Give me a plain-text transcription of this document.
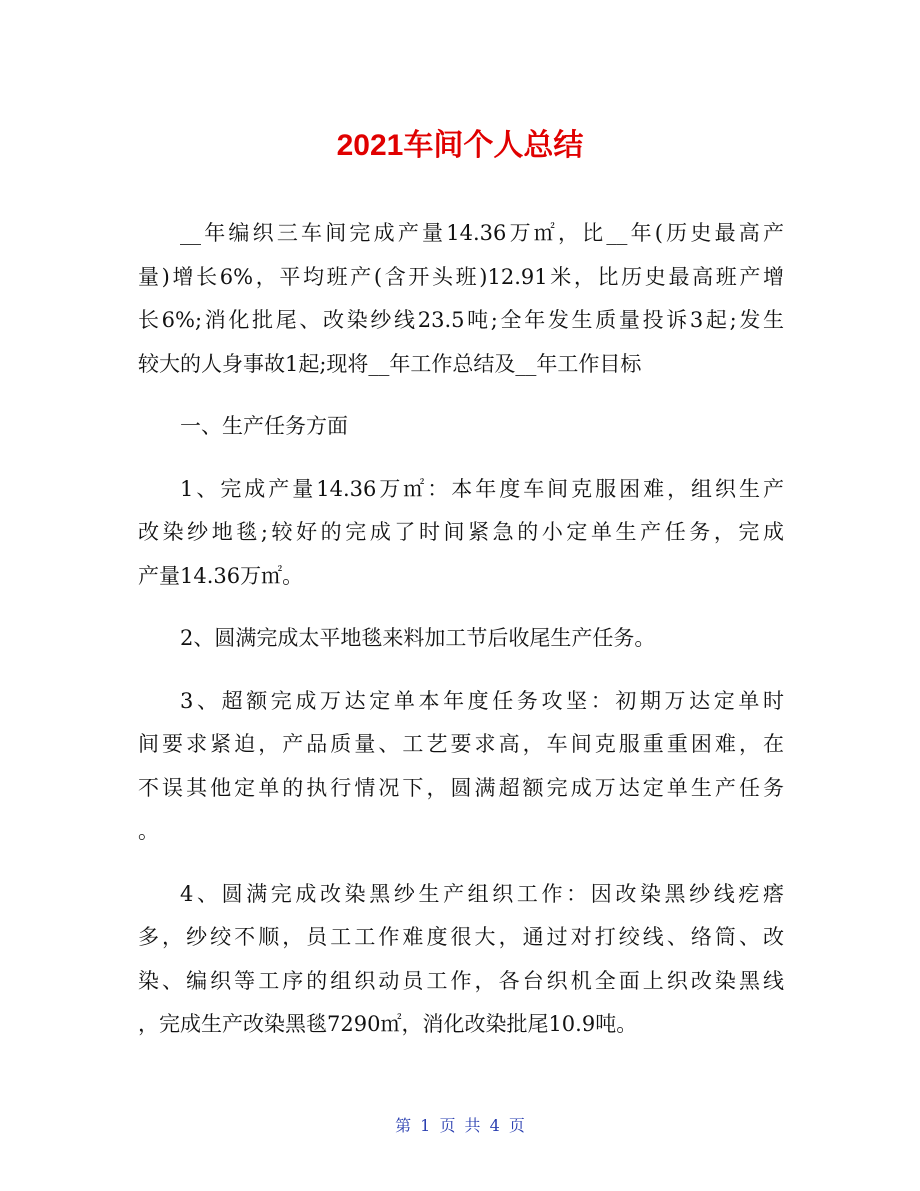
2021车间个人总结
__年编织三车间完成产量14.36万㎡，比__年(历史最高产
量)增长6%，平均班产(含开头班)12.91米，比历史最高班产增
长6%;消化批尾、改染纱线23.5吨;全年发生质量投诉3起;发生
较大的人身事故1起;现将__年工作总结及__年工作目标
一、生产任务方面
1、完成产量14.36万㎡：本年度车间克服困难，组织生产
改染纱地毯;较好的完成了时间紧急的小定单生产任务，完成
产量14.36万㎡。
2、圆满完成太平地毯来料加工节后收尾生产任务。
3、超额完成万达定单本年度任务攻坚：初期万达定单时
间要求紧迫，产品质量、工艺要求高，车间克服重重困难，在
不误其他定单的执行情况下，圆满超额完成万达定单生产任务
。
4、圆满完成改染黑纱生产组织工作：因改染黑纱线疙瘩
多，纱绞不顺，员工工作难度很大，通过对打绞线、络筒、改
染、编织等工序的组织动员工作，各台织机全面上织改染黑线
，完成生产改染黑毯7290㎡，消化改染批尾10.9吨。
第 1 页 共 4 页
